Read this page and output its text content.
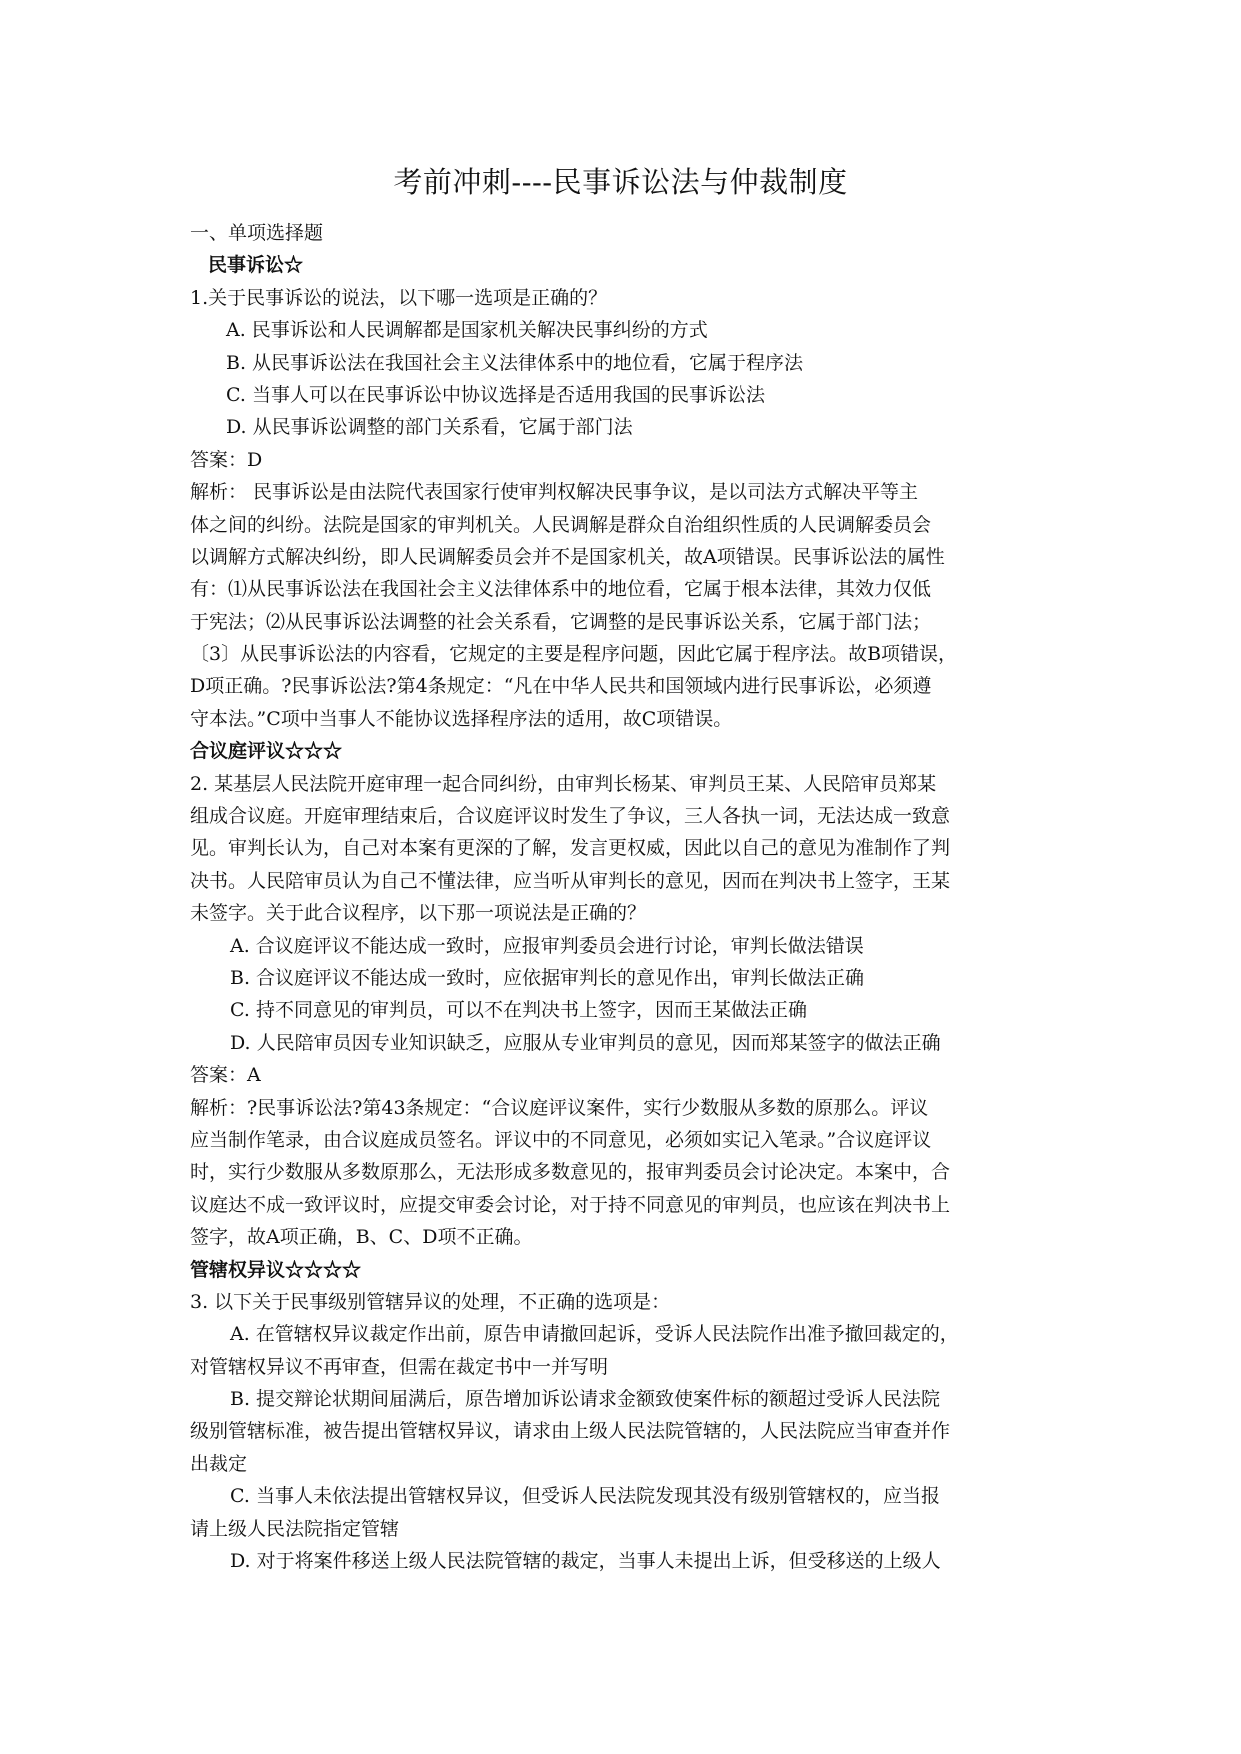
考前冲刺----民事诉讼法与仲裁制度
一、单项选择题
民事诉讼☆
1.关于民事诉讼的说法，以下哪一选项是正确的？
A. 民事诉讼和人民调解都是国家机关解决民事纠纷的方式
B. 从民事诉讼法在我国社会主义法律体系中的地位看，它属于程序法
C. 当事人可以在民事诉讼中协议选择是否适用我国的民事诉讼法
D. 从民事诉讼调整的部门关系看，它属于部门法
答案：D
解析： 民事诉讼是由法院代表国家行使审判权解决民事争议，是以司法方式解决平等主
体之间的纠纷。法院是国家的审判机关。人民调解是群众自治组织性质的人民调解委员会
以调解方式解决纠纷，即人民调解委员会并不是国家机关，故A项错误。民事诉讼法的属性
有：⑴从民事诉讼法在我国社会主义法律体系中的地位看，它属于根本法律，其效力仅低
于宪法；⑵从民事诉讼法调整的社会关系看，它调整的是民事诉讼关系，它属于部门法；
〔3〕从民事诉讼法的内容看，它规定的主要是程序问题，因此它属于程序法。故B项错误，
D项正确。?民事诉讼法?第4条规定：“凡在中华人民共和国领域内进行民事诉讼，必须遵
守本法。”C项中当事人不能协议选择程序法的适用，故C项错误。
合议庭评议☆☆☆
2. 某基层人民法院开庭审理一起合同纠纷，由审判长杨某、审判员王某、人民陪审员郑某
组成合议庭。开庭审理结束后，合议庭评议时发生了争议，三人各执一词，无法达成一致意
见。审判长认为，自己对本案有更深的了解，发言更权威，因此以自己的意见为准制作了判
决书。人民陪审员认为自己不懂法律，应当听从审判长的意见，因而在判决书上签字，王某
未签字。关于此合议程序，以下那一项说法是正确的？
A. 合议庭评议不能达成一致时，应报审判委员会进行讨论，审判长做法错误
B. 合议庭评议不能达成一致时，应依据审判长的意见作出，审判长做法正确
C. 持不同意见的审判员，可以不在判决书上签字，因而王某做法正确
D. 人民陪审员因专业知识缺乏，应服从专业审判员的意见，因而郑某签字的做法正确
答案：A
解析：?民事诉讼法?第43条规定：“合议庭评议案件，实行少数服从多数的原那么。评议
应当制作笔录，由合议庭成员签名。评议中的不同意见，必须如实记入笔录。”合议庭评议
时，实行少数服从多数原那么，无法形成多数意见的，报审判委员会讨论决定。本案中，合
议庭达不成一致评议时，应提交审委会讨论，对于持不同意见的审判员，也应该在判决书上
签字，故A项正确，B、C、D项不正确。
管辖权异议☆☆☆☆
3. 以下关于民事级别管辖异议的处理，不正确的选项是：
A. 在管辖权异议裁定作出前，原告申请撤回起诉，受诉人民法院作出准予撤回裁定的，
对管辖权异议不再审查，但需在裁定书中一并写明
B. 提交辩论状期间届满后，原告增加诉讼请求金额致使案件标的额超过受诉人民法院
级别管辖标准，被告提出管辖权异议，请求由上级人民法院管辖的，人民法院应当审查并作
出裁定
C. 当事人未依法提出管辖权异议，但受诉人民法院发现其没有级别管辖权的，应当报
请上级人民法院指定管辖
D. 对于将案件移送上级人民法院管辖的裁定，当事人未提出上诉，但受移送的上级人
